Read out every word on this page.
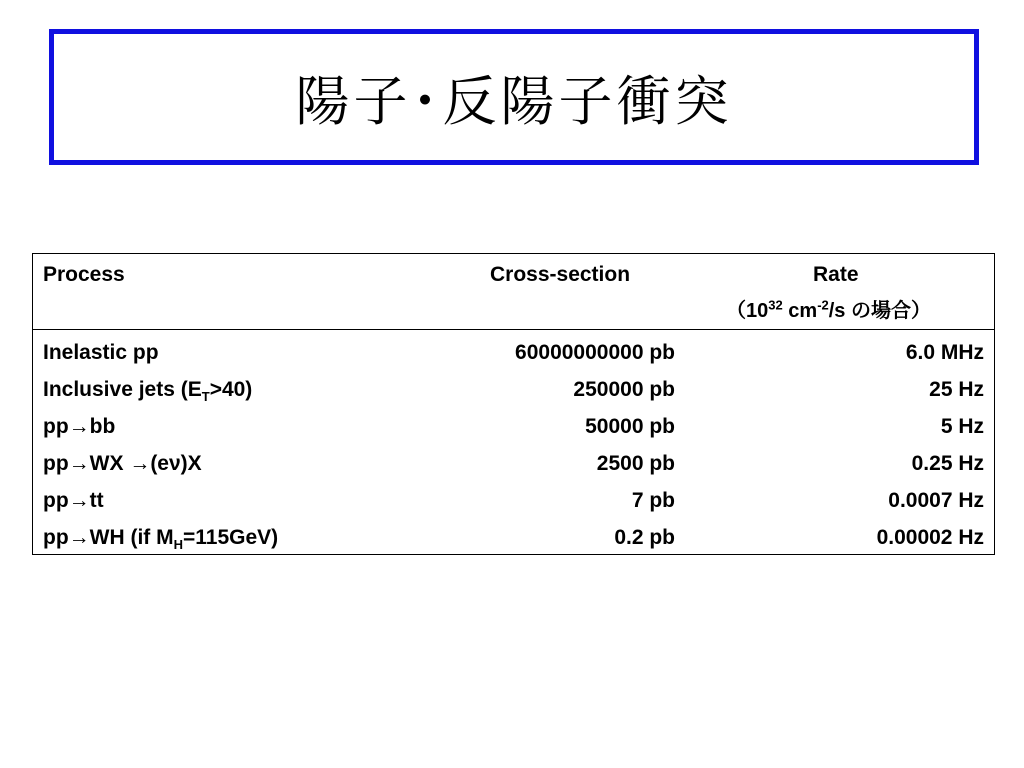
陽子･反陽子衝突
Process	Cross-section	Rate
（$10^{32}$ $cm^{-2}/s$ の場合）
Inelastic pp	60000000000 pb	6.0 MHz
Inclusive jets $(E_T>40)$	250000 pb	25 Hz
pp→bb	50000 pb	5 Hz
pp→WX →(eν)X	2500 pb	0.25 Hz
pp→tt	7 pb	0.0007 Hz
pp→WH (if $M_H=115GeV$)	0.2 pb	0.00002 Hz
